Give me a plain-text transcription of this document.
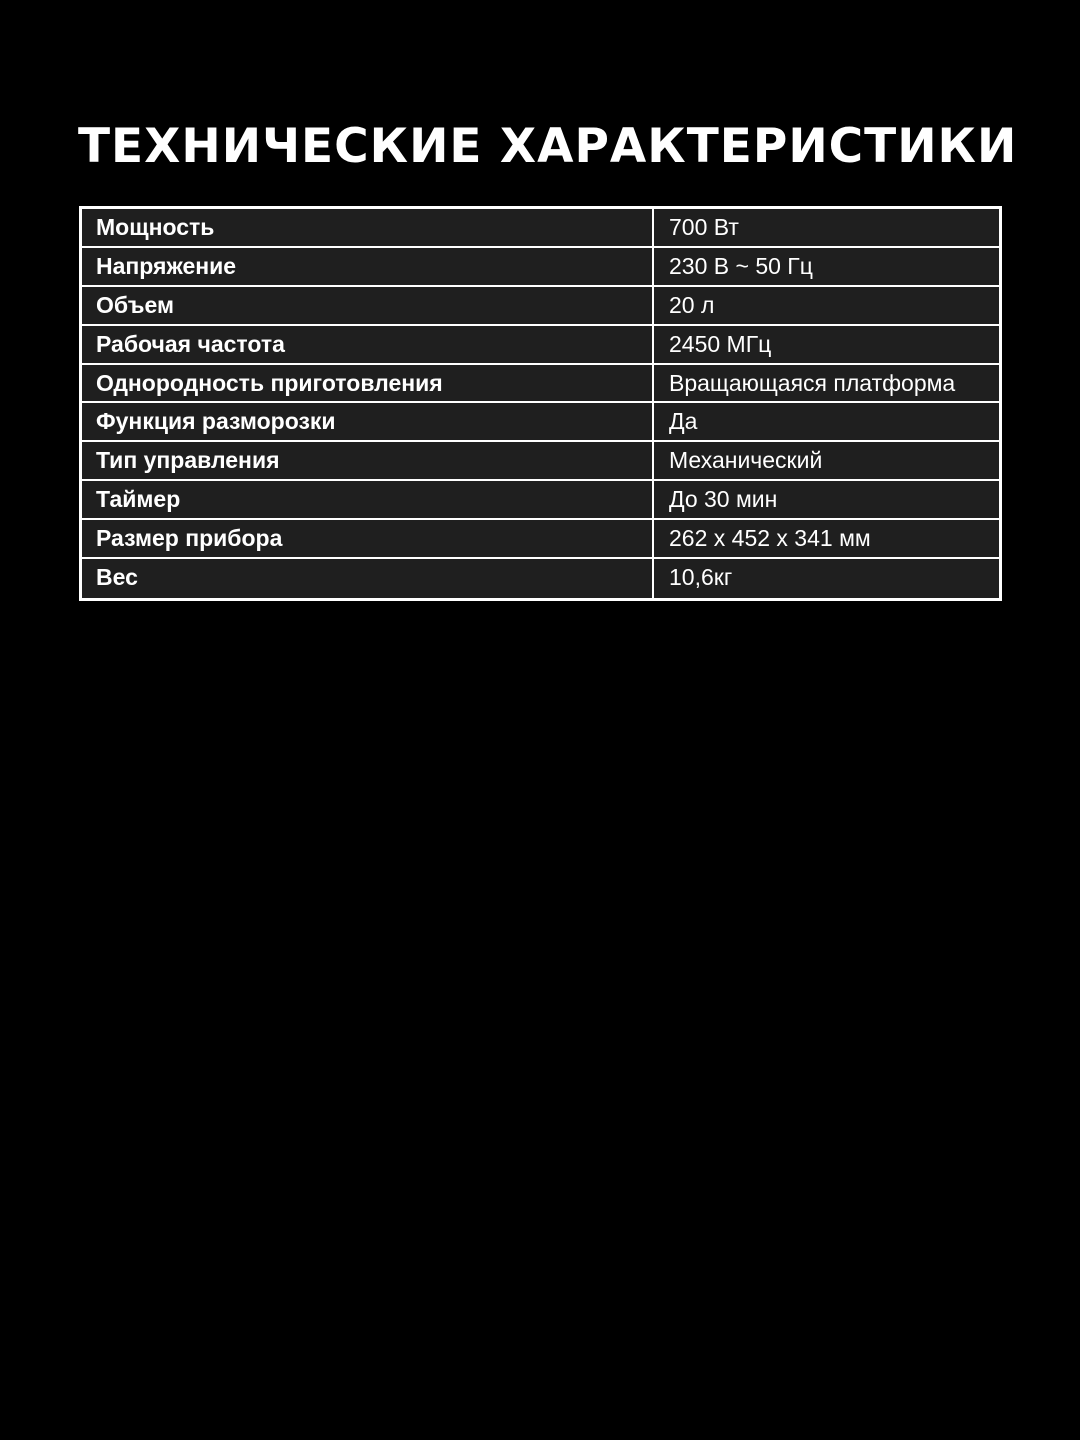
ТЕХНИЧЕСКИЕ ХАРАКТЕРИСТИКИ
Мощность	700 Вт
Напряжение	230 В ~ 50 Гц
Объем	20 л
Рабочая частота	2450 МГц
Однородность приготовления	Вращающаяся платформа
Функция разморозки	Да
Тип управления	Механический
Таймер	До 30 мин
Размер прибора	262 x 452 x 341 мм
Вес	10,6кг
